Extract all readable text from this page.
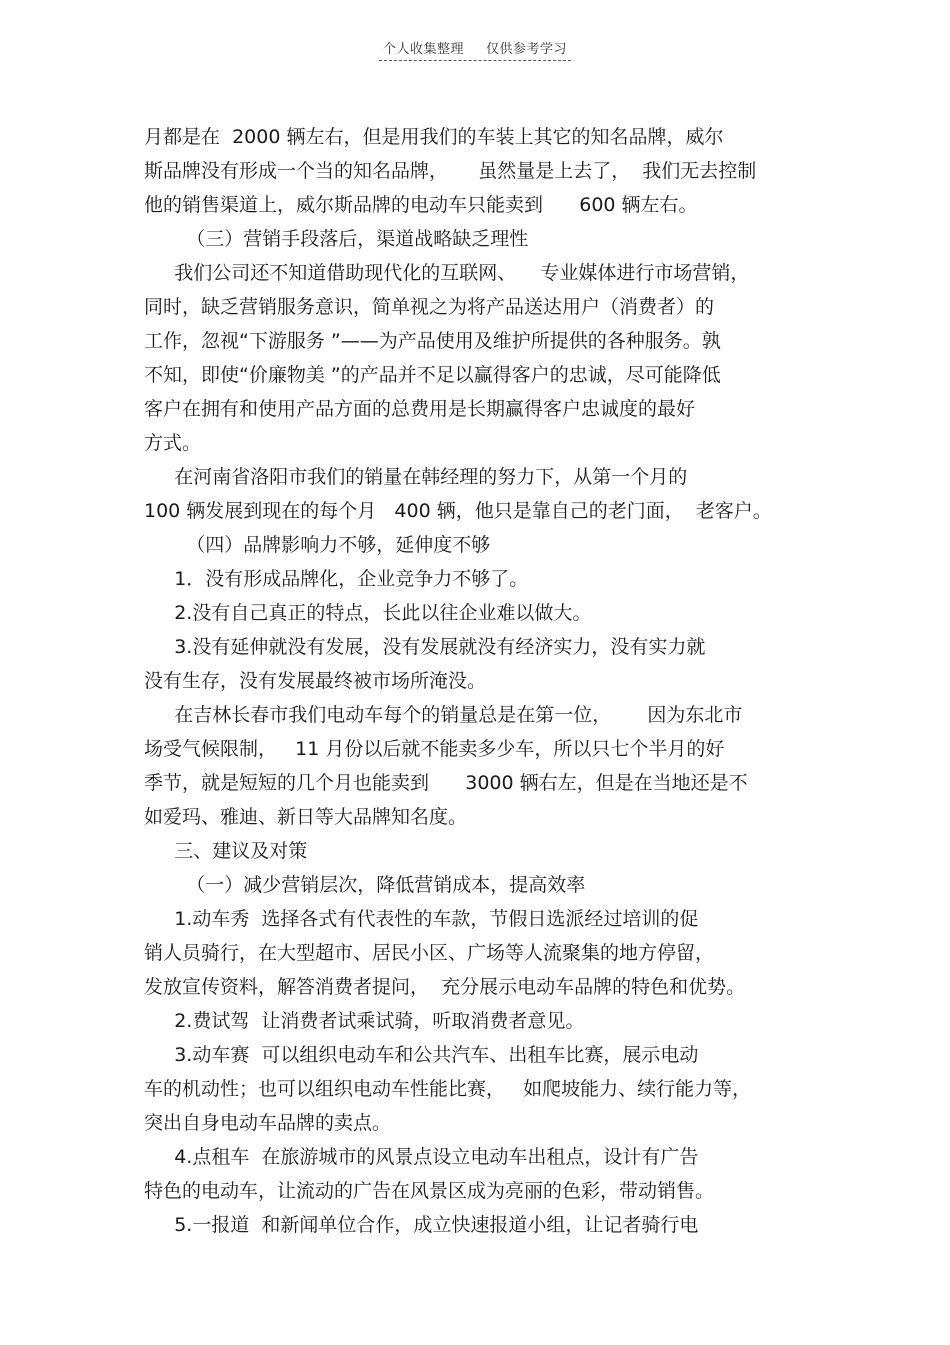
个人收集整理 仅供参考学习
月都是在  2000 辆左右，但是用我们的车装上其它的知名品牌，威尔
斯品牌没有形成一个当的知名品牌，     虽然量是上去了，  我们无去控制
他的销售渠道上，威尔斯品牌的电动车只能卖到      600 辆左右。
（三）营销手段落后，渠道战略缺乏理性
我们公司还不知道借助现代化的互联网、    专业媒体进行市场营销，
同时，缺乏营销服务意识，简单视之为将产品送达用户（消费者）的
工作，忽视“下游服务 ”——为产品使用及维护所提供的各种服务。孰
不知，即使“价廉物美 ”的产品并不足以赢得客户的忠诚，尽可能降低
客户在拥有和使用产品方面的总费用是长期赢得客户忠诚度的最好
方式。
在河南省洛阳市我们的销量在韩经理的努力下，从第一个月的
100 辆发展到现在的每个月   400 辆，他只是靠自己的老门面，  老客户。
（四）品牌影响力不够，延伸度不够
1．没有形成品牌化，企业竞争力不够了。
2.没有自己真正的特点，长此以往企业难以做大。
3.没有延伸就没有发展，没有发展就没有经济实力，没有实力就
没有生存，没有发展最终被市场所淹没。
在吉林长春市我们电动车每个的销量总是在第一位，      因为东北市
场受气候限制，   11 月份以后就不能卖多少车，所以只七个半月的好
季节，就是短短的几个月也能卖到      3000 辆右左，但是在当地还是不
如爱玛、雅迪、新日等大品牌知名度。
三、建议及对策
（一）减少营销层次，降低营销成本，提高效率
1.动车秀  选择各式有代表性的车款，节假日选派经过培训的促
销人员骑行，在大型超市、居民小区、广场等人流聚集的地方停留，
发放宣传资料，解答消费者提问，  充分展示电动车品牌的特色和优势。
2.费试驾  让消费者试乘试骑，听取消费者意见。
3.动车赛  可以组织电动车和公共汽车、出租车比赛，展示电动
车的机动性；也可以组织电动车性能比赛，   如爬坡能力、续行能力等，
突出自身电动车品牌的卖点。
4.点租车  在旅游城市的风景点设立电动车出租点，设计有广告
特色的电动车，让流动的广告在风景区成为亮丽的色彩，带动销售。
5.一报道  和新闻单位合作，成立快速报道小组，让记者骑行电
